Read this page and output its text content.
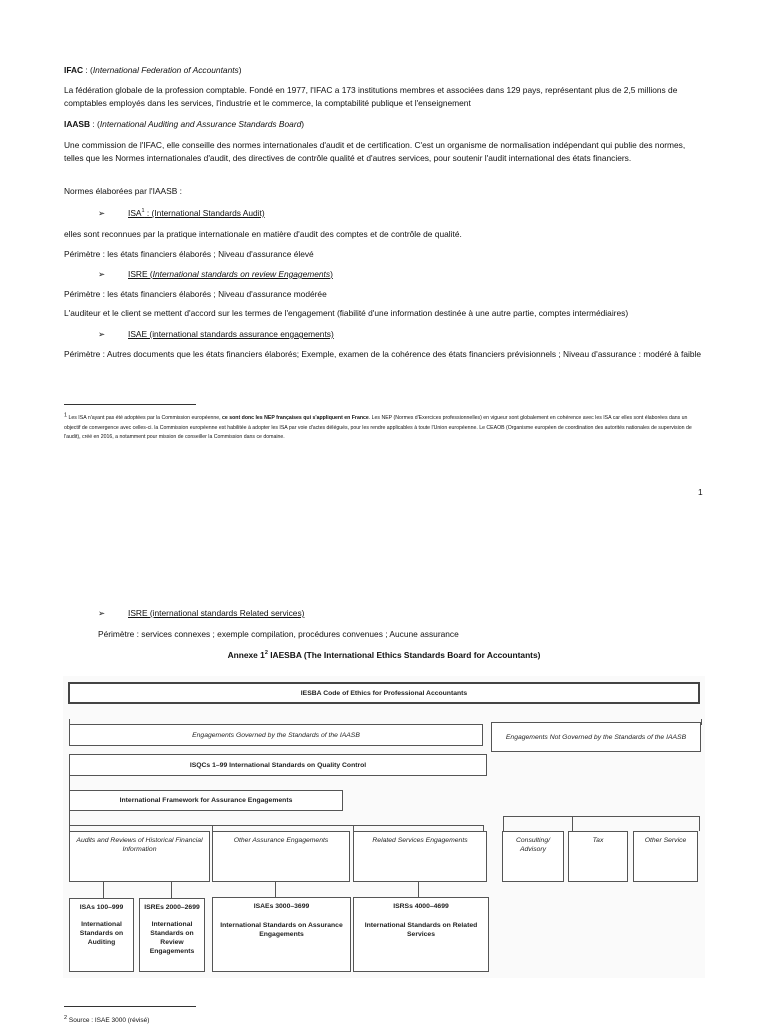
IFAC : (International Federation of Accountants)

La fédération globale de la profession comptable. Fondé en 1977, l'IFAC a 173 institutions membres et associées dans 129 pays, représentant plus de 2,5 millions de comptables employés dans les services, l'industrie et le commerce, la comptabilité publique et l'enseignement

IAASB : (International Auditing and Assurance Standards Board)

Une commission de l'IFAC, elle conseille des normes internationales d'audit et de certification. C'est un organisme de normalisation indépendant qui publie des normes, telles que les Normes internationales d'audit, des directives de contrôle qualité et d'autres services, pour soutenir l'audit international des états financiers.

Normes élaborées par l'IAASB :

➢	ISA$^1$ : (International Standards Audit)

elles sont reconnues par la pratique internationale en matière d'audit des comptes et de contrôle de qualité.

Périmètre : les états financiers élaborés ; Niveau d'assurance élevé

➢	ISRE (International standards on review Engagements)

Périmètre : les états financiers élaborés ; Niveau d'assurance modérée

L'auditeur et le client se mettent d'accord sur les termes de l'engagement (fiabilité d'une information destinée à une autre partie, comptes intermédiaires)

➢	ISAE (international standards assurance engagements)

Périmètre : Autres documents que les états financiers élaborés; Exemple, examen de la cohérence des états financiers prévisionnels ; Niveau d'assurance : modéré à faible

$^1$ Les ISA n'ayant pas été adoptées par la Commission européenne, ce sont donc les NEP françaises qui s'appliquent en France. Les NEP (Normes d'Exercices professionnelles) en vigueur sont globalement en cohérence avec les ISA car elles sont élaborées dans un objectif de convergence avec celles-ci. la Commission européenne est habilitée à adopter les ISA par voie d'actes délégués, pour les rendre applicables à toute l'Union européenne. Le CEAOB (Organisme européen de coordination des autorités nationales de supervision de l'audit), créé en 2016, a notamment pour mission de conseiller la Commission dans ce domaine.

1
➢	ISRE (international standards Related services)

Périmètre : services connexes ; exemple compilation, procédures convenues ; Aucune assurance

Annexe $1^2$ IAESBA (The International Ethics Standards Board for Accountants)

IESBA Code of Ethics for Professional Accountants
Engagements Governed by the Standards of the IAASB	Engagements Not Governed by the Standards of the IAASB
ISQCs 1–99 International Standards on Quality Control
International Framework for Assurance Engagements
Audits and Reviews of Historical Financial Information
Other Assurance Engagements	Related Services Engagements	Consulting/ Advisory
Tax	Other Service
ISAs 100–999
International Standards on Auditing
ISREs 2000–2699
International Standards on Review Engagements
ISAEs 3000–3699
International Standards on Assurance Engagements
ISRSs 4000–4699
International Standards on Related Services

$^2$ Source : ISAE 3000 (révisé)
